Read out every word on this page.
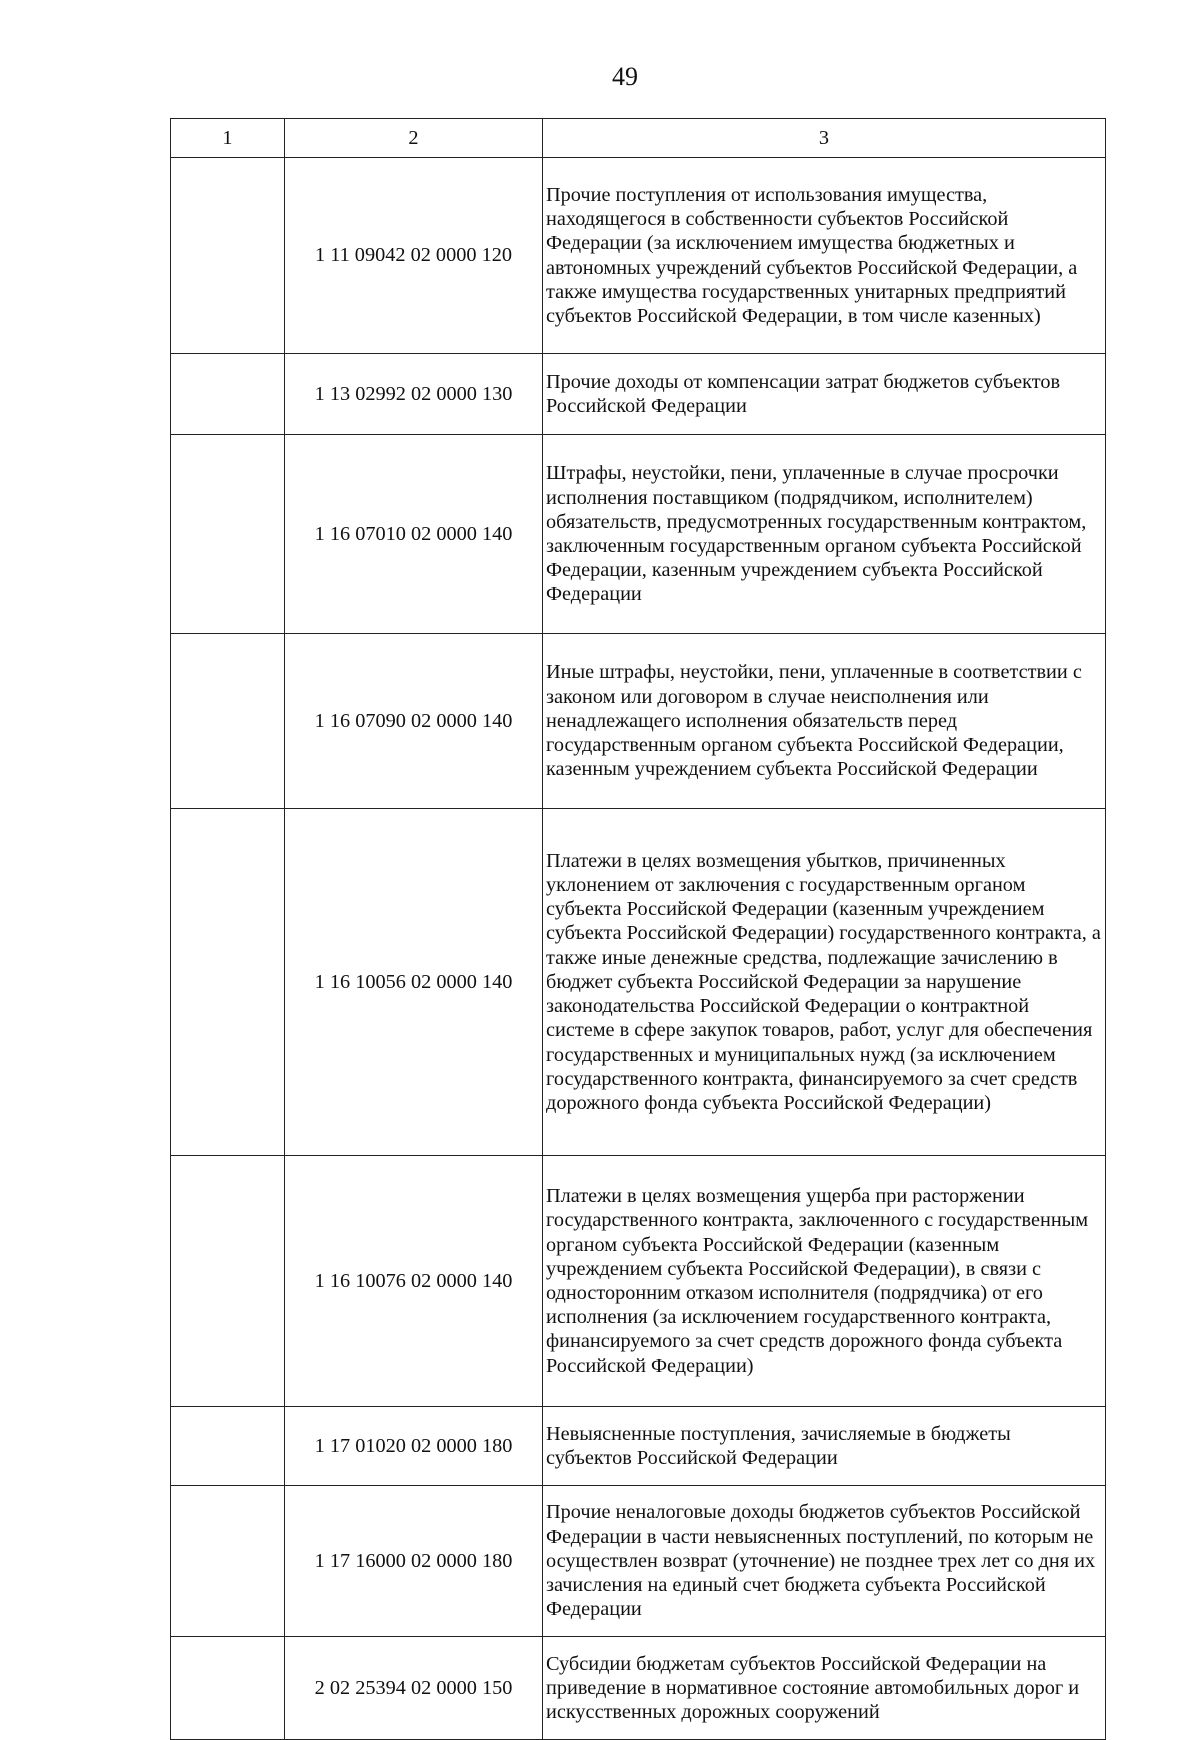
49
1	2	3
	1 11 09042 02 0000 120	Прочие поступления от использования имущества, находящегося в собственности субъектов Российской Федерации (за исключением имущества бюджетных и автономных учреждений субъектов Российской Федерации, а также имущества государственных унитарных предприятий субъектов Российской Федерации, в том числе казенных)
	1 13 02992 02 0000 130	Прочие доходы от компенсации затрат бюджетов субъектов Российской Федерации
	1 16 07010 02 0000 140	Штрафы, неустойки, пени, уплаченные в случае просрочки исполнения поставщиком (подрядчиком, исполнителем) обязательств, предусмотренных государственным контрактом, заключенным государственным органом субъекта Российской Федерации, казенным учреждением субъекта Российской Федерации
	1 16 07090 02 0000 140	Иные штрафы, неустойки, пени, уплаченные в соответствии с законом или договором в случае неисполнения или ненадлежащего исполнения обязательств перед государственным органом субъекта Российской Федерации, казенным учреждением субъекта Российской Федерации
	1 16 10056 02 0000 140	Платежи в целях возмещения убытков, причиненных уклонением от заключения с государственным органом субъекта Российской Федерации (казенным учреждением субъекта Российской Федерации) государственного контракта, а также иные денежные средства, подлежащие зачислению в бюджет субъекта Российской Федерации за нарушение законодательства Российской Федерации о контрактной системе в сфере закупок товаров, работ, услуг для обеспечения государственных и муниципальных нужд (за исключением государственного контракта, финансируемого за счет средств дорожного фонда субъекта Российской Федерации)
	1 16 10076 02 0000 140	Платежи в целях возмещения ущерба при расторжении государственного контракта, заключенного с государственным органом субъекта Российской Федерации (казенным учреждением субъекта Российской Федерации), в связи с односторонним отказом исполнителя (подрядчика) от его исполнения (за исключением государственного контракта, финансируемого за счет средств дорожного фонда субъекта Российской Федерации)
	1 17 01020 02 0000 180	Невыясненные поступления, зачисляемые в бюджеты субъектов Российской Федерации
	1 17 16000 02 0000 180	Прочие неналоговые доходы бюджетов субъектов Российской Федерации в части невыясненных поступлений, по которым не осуществлен возврат (уточнение) не позднее трех лет со дня их зачисления на единый счет бюджета субъекта Российской Федерации
	2 02 25394 02 0000 150	Субсидии бюджетам субъектов Российской Федерации на приведение в нормативное состояние автомобильных дорог и искусственных дорожных сооружений
